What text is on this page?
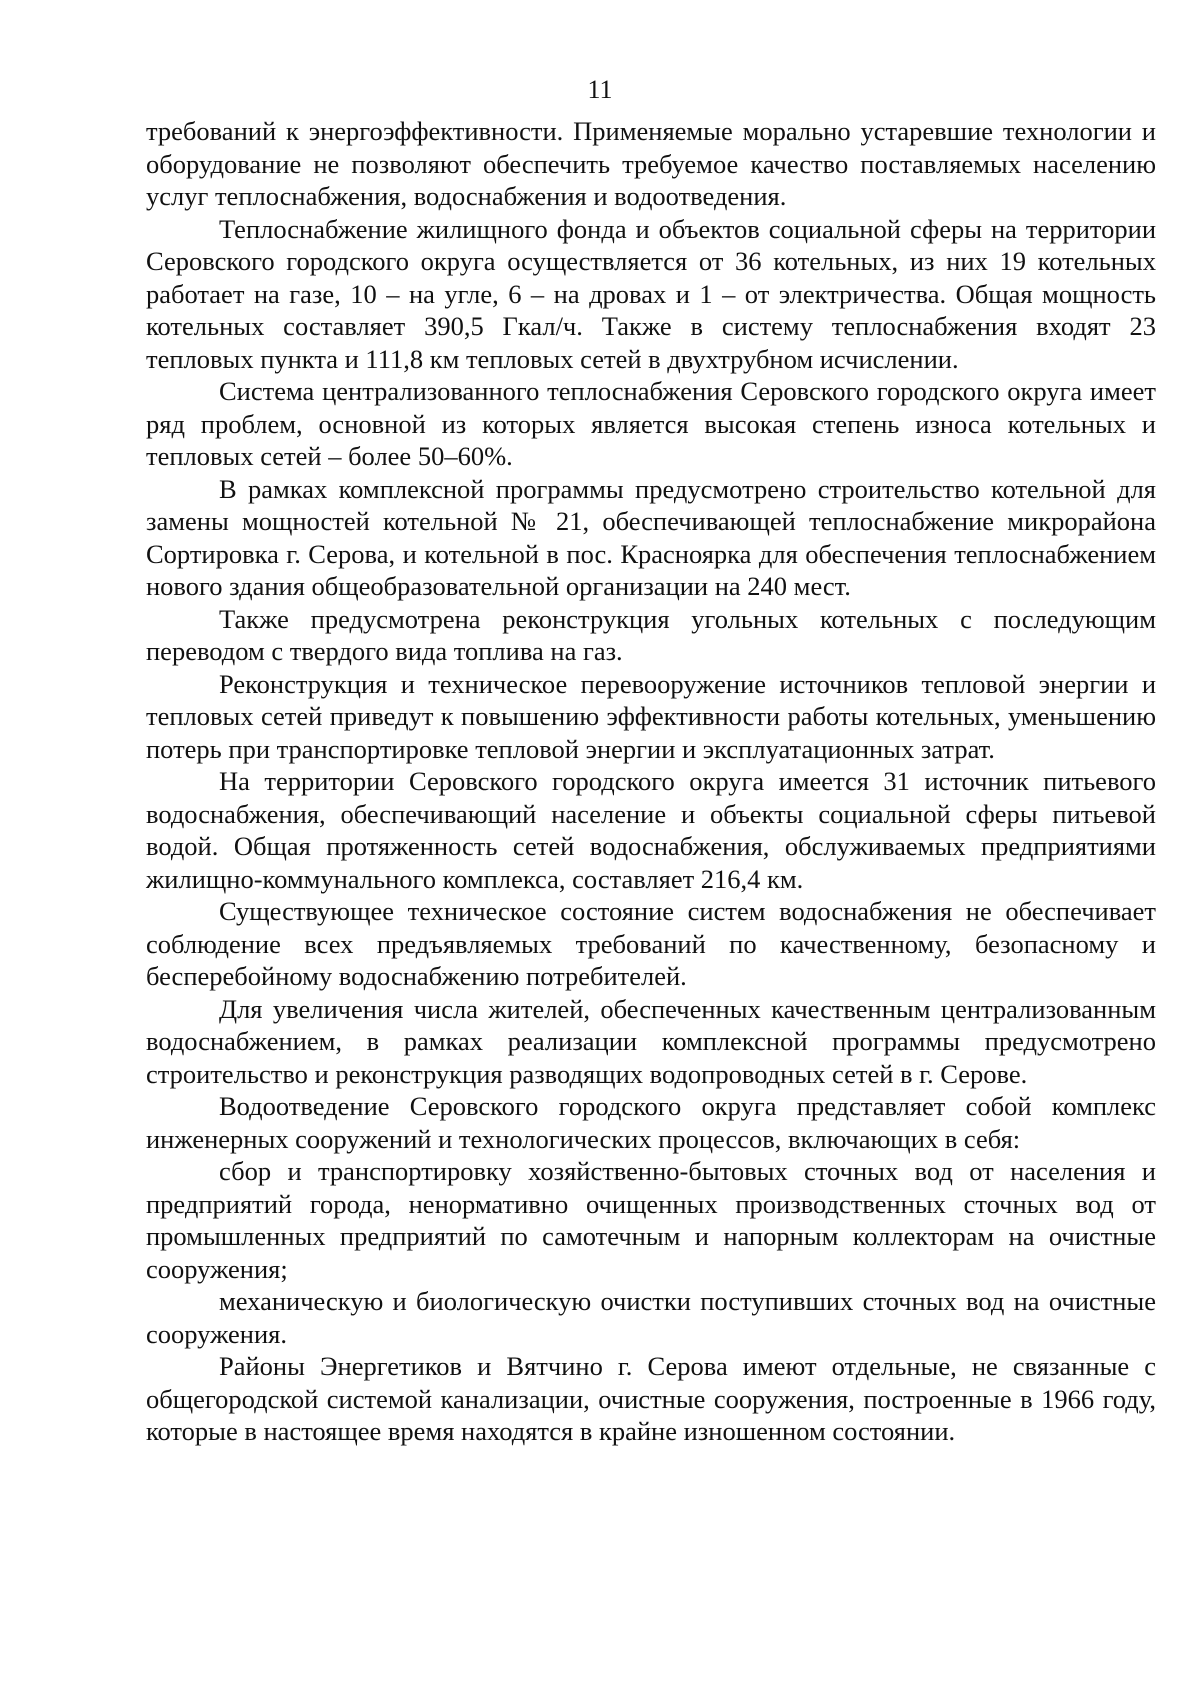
11

требований к энергоэффективности. Применяемые морально устаревшие технологии и оборудование не позволяют обеспечить требуемое качество поставляемых населению услуг теплоснабжения, водоснабжения и водоотведения.

Теплоснабжение жилищного фонда и объектов социальной сферы на территории Серовского городского округа осуществляется от 36 котельных, из них 19 котельных работает на газе, 10 – на угле, 6 – на дровах и 1 – от электричества. Общая мощность котельных составляет 390,5 Гкал/ч. Также в систему теплоснабжения входят 23 тепловых пункта и 111,8 км тепловых сетей в двухтрубном исчислении.

Система централизованного теплоснабжения Серовского городского округа имеет ряд проблем, основной из которых является высокая степень износа котельных и тепловых сетей – более 50–60%.

В рамках комплексной программы предусмотрено строительство котельной для замены мощностей котельной № 21, обеспечивающей теплоснабжение микрорайона Сортировка г. Серова, и котельной в пос. Красноярка для обеспечения теплоснабжением нового здания общеобразовательной организации на 240 мест.

Также предусмотрена реконструкция угольных котельных с последующим переводом с твердого вида топлива на газ.

Реконструкция и техническое перевооружение источников тепловой энергии и тепловых сетей приведут к повышению эффективности работы котельных, уменьшению потерь при транспортировке тепловой энергии и эксплуатационных затрат.

На территории Серовского городского округа имеется 31 источник питьевого водоснабжения, обеспечивающий население и объекты социальной сферы питьевой водой. Общая протяженность сетей водоснабжения, обслуживаемых предприятиями жилищно-коммунального комплекса, составляет 216,4 км.

Существующее техническое состояние систем водоснабжения не обеспечивает соблюдение всех предъявляемых требований по качественному, безопасному и бесперебойному водоснабжению потребителей.

Для увеличения числа жителей, обеспеченных качественным централизованным водоснабжением, в рамках реализации комплексной программы предусмотрено строительство и реконструкция разводящих водопроводных сетей в г. Серове.

Водоотведение Серовского городского округа представляет собой комплекс инженерных сооружений и технологических процессов, включающих в себя:

сбор и транспортировку хозяйственно-бытовых сточных вод от населения и предприятий города, ненормативно очищенных производственных сточных вод от промышленных предприятий по самотечным и напорным коллекторам на очистные сооружения;

механическую и биологическую очистки поступивших сточных вод на очистные сооружения.

Районы Энергетиков и Вятчино г. Серова имеют отдельные, не связанные с общегородской системой канализации, очистные сооружения, построенные в 1966 году, которые в настоящее время находятся в крайне изношенном состоянии.
